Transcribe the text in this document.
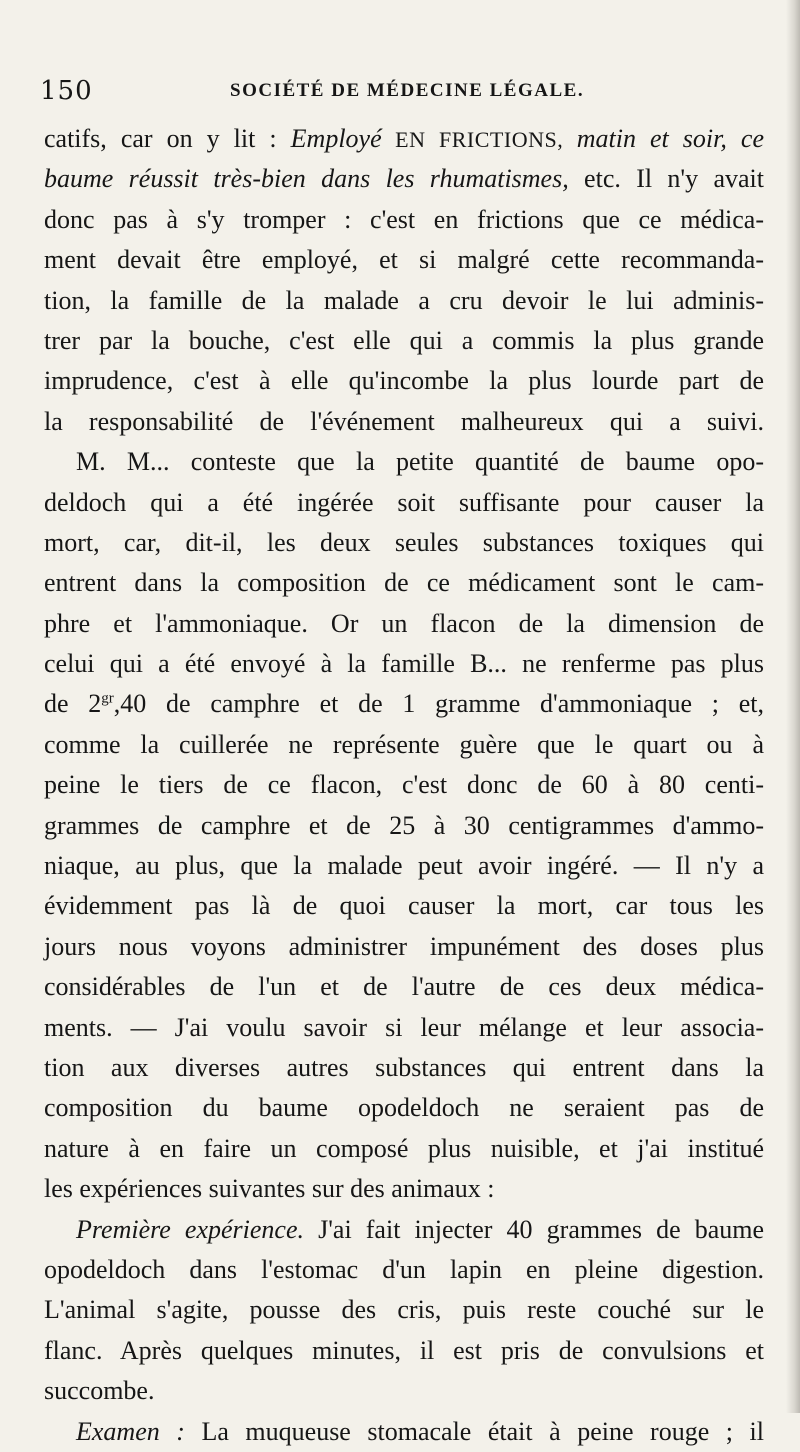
150	SOCIÉTÉ DE MÉDECINE LÉGALE.
catifs, car on y lit : Employé EN FRICTIONS, matin et soir, ce
baume réussit très-bien dans les rhumatismes, etc. Il n'y avait
donc pas à s'y tromper : c'est en frictions que ce médica-
ment devait être employé, et si malgré cette recommanda-
tion, la famille de la malade a cru devoir le lui adminis-
trer par la bouche, c'est elle qui a commis la plus grande
imprudence, c'est à elle qu'incombe la plus lourde part de
la responsabilité de l'événement malheureux qui a suivi.
M. M... conteste que la petite quantité de baume opo-
deldoch qui a été ingérée soit suffisante pour causer la
mort, car, dit-il, les deux seules substances toxiques qui
entrent dans la composition de ce médicament sont le cam-
phre et l'ammoniaque. Or un flacon de la dimension de
celui qui a été envoyé à la famille B... ne renferme pas plus
de $2^{gr},40$ de camphre et de 1 gramme d'ammoniaque ; et,
comme la cuillerée ne représente guère que le quart ou à
peine le tiers de ce flacon, c'est donc de 60 à 80 centi-
grammes de camphre et de 25 à 30 centigrammes d'ammo-
niaque, au plus, que la malade peut avoir ingéré. — Il n'y a
évidemment pas là de quoi causer la mort, car tous les
jours nous voyons administrer impunément des doses plus
considérables de l'un et de l'autre de ces deux médica-
ments. — J'ai voulu savoir si leur mélange et leur associa-
tion aux diverses autres substances qui entrent dans la
composition du baume opodeldoch ne seraient pas de
nature à en faire un composé plus nuisible, et j'ai institué
les expériences suivantes sur des animaux :
Première expérience. J'ai fait injecter 40 grammes de baume
opodeldoch dans l'estomac d'un lapin en pleine digestion.
L'animal s'agite, pousse des cris, puis reste couché sur le
flanc. Après quelques minutes, il est pris de convulsions et
succombe.
Examen : La muqueuse stomacale était à peine rouge ; il
